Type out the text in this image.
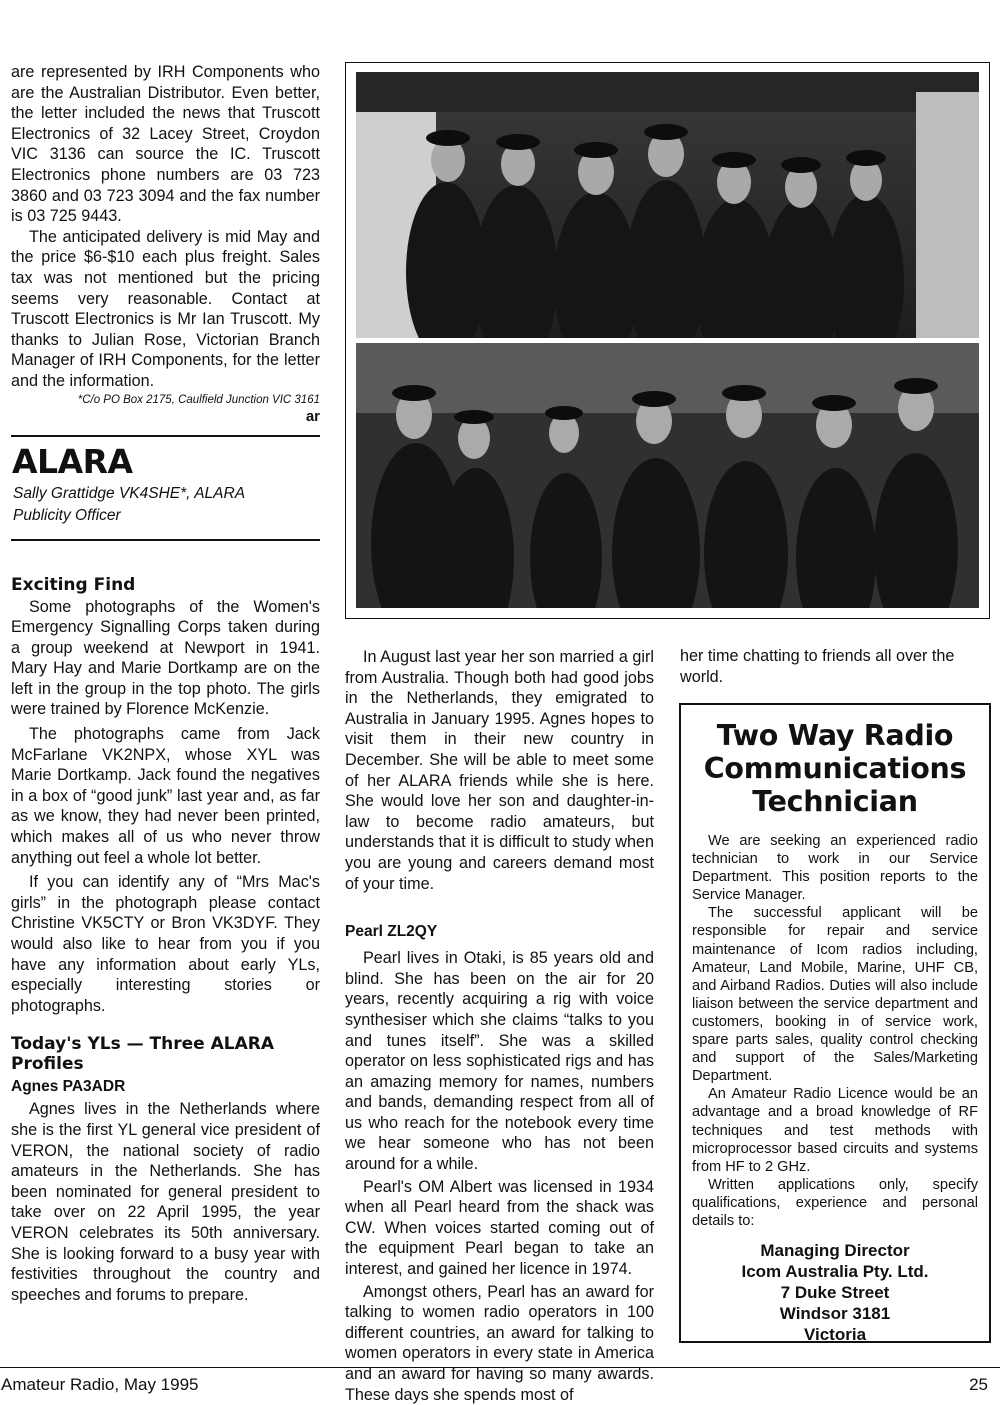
are represented by IRH Components who are the Australian Distributor. Even better, the letter included the news that Truscott Electronics of 32 Lacey Street, Croydon VIC 3136 can source the IC. Truscott Electronics phone numbers are 03 723 3860 and 03 723 3094 and the fax number is 03 725 9443.

The anticipated delivery is mid May and the price $6-$10 each plus freight. Sales tax was not mentioned but the pricing seems very reasonable. Contact at Truscott Electronics is Mr Ian Truscott. My thanks to Julian Rose, Victorian Branch Manager of IRH Components, for the letter and the information.

*C/o PO Box 2175, Caulfield Junction VIC 3161

ar

ALARA

Sally Grattidge VK4SHE*, ALARA

Publicity Officer

Exciting Find

Some photographs of the Women's Emergency Signalling Corps taken during a group weekend at Newport in 1941. Mary Hay and Marie Dortkamp are on the left in the group in the top photo. The girls were trained by Florence McKenzie.

The photographs came from Jack McFarlane VK2NPX, whose XYL was Marie Dortkamp. Jack found the negatives in a box of “good junk” last year and, as far as we know, they had never been printed, which makes all of us who never throw anything out feel a whole lot better.

If you can identify any of “Mrs Mac's girls” in the photograph please contact Christine VK5CTY or Bron VK3DYF. They would also like to hear from you if you have any information about early YLs, especially interesting stories or photographs.

Today's YLs — Three ALARA Profiles
Agnes PA3ADR

Agnes lives in the Netherlands where she is the first YL general vice president of VERON, the national society of radio amateurs in the Netherlands. She has been nominated for general president to take over on 22 April 1995, the year VERON celebrates its 50th anniversary. She is looking forward to a busy year with festivities throughout the country and speeches and forums to prepare.

In August last year her son married a girl from Australia. Though both had good jobs in the Netherlands, they emigrated to Australia in January 1995. Agnes hopes to visit them in their new country in December. She will be able to meet some of her ALARA friends while she is here. She would love her son and daughter-in-law to become radio amateurs, but understands that it is difficult to study when you are young and careers demand most of your time.

Pearl ZL2QY

Pearl lives in Otaki, is 85 years old and blind. She has been on the air for 20 years, recently acquiring a rig with voice synthesiser which she claims “talks to you and tunes itself”. She was a skilled operator on less sophisticated rigs and has an amazing memory for names, numbers and bands, demanding respect from all of us who reach for the notebook every time we hear someone who has not been around for a while.

Pearl's OM Albert was licensed in 1934 when all Pearl heard from the shack was CW. When voices started coming out of the equipment Pearl began to take an interest, and gained her licence in 1974.

Amongst others, Pearl has an award for talking to women radio operators in 100 different countries, an award for talking to women operators in every state in America and an award for having so many awards. These days she spends most of

her time chatting to friends all over the world.

Two Way Radio Communications Technician

We are seeking an experienced radio technician to work in our Service Department. This position reports to the Service Manager.

The successful applicant will be responsible for repair and service maintenance of Icom radios including, Amateur, Land Mobile, Marine, UHF CB, and Airband Radios. Duties will also include liaison between the service department and customers, booking in of service work, spare parts sales, quality control checking and support of the Sales/Marketing Department.

An Amateur Radio Licence would be an advantage and a broad knowledge of RF techniques and test methods with microprocessor based circuits and systems from HF to 2 GHz.

Written applications only, specify qualifications, experience and personal details to:

Managing Director
Icom Australia Pty. Ltd.
7 Duke Street
Windsor 3181
Victoria
Amateur Radio, May 1995	25
